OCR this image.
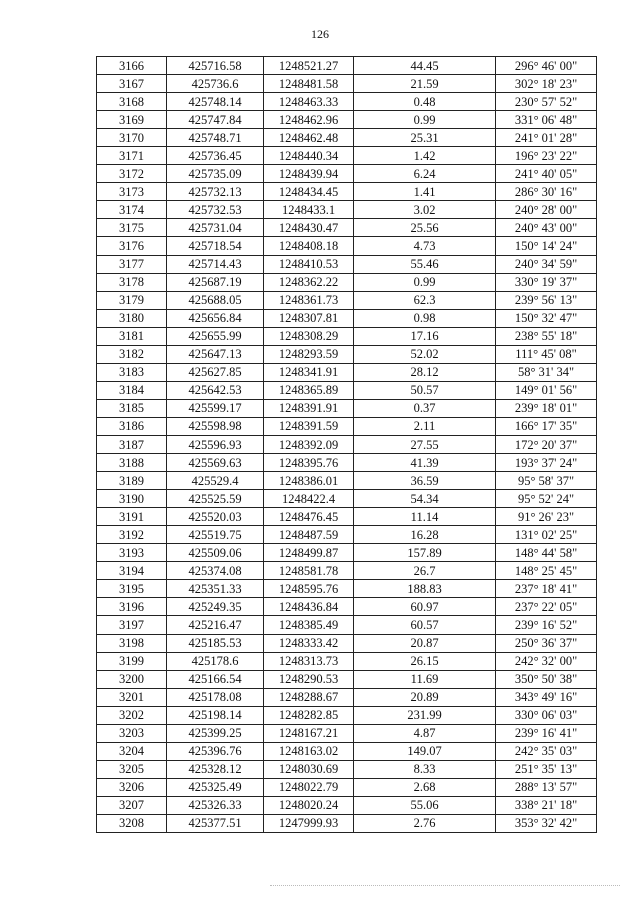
126
3166	425716.58	1248521.27	44.45	296° 46' 00"
3167	425736.6	1248481.58	21.59	302° 18' 23"
3168	425748.14	1248463.33	0.48	230° 57' 52"
3169	425747.84	1248462.96	0.99	331° 06' 48"
3170	425748.71	1248462.48	25.31	241° 01' 28"
3171	425736.45	1248440.34	1.42	196° 23' 22"
3172	425735.09	1248439.94	6.24	241° 40' 05"
3173	425732.13	1248434.45	1.41	286° 30' 16"
3174	425732.53	1248433.1	3.02	240° 28' 00"
3175	425731.04	1248430.47	25.56	240° 43' 00"
3176	425718.54	1248408.18	4.73	150° 14' 24"
3177	425714.43	1248410.53	55.46	240° 34' 59"
3178	425687.19	1248362.22	0.99	330° 19' 37"
3179	425688.05	1248361.73	62.3	239° 56' 13"
3180	425656.84	1248307.81	0.98	150° 32' 47"
3181	425655.99	1248308.29	17.16	238° 55' 18"
3182	425647.13	1248293.59	52.02	111° 45' 08"
3183	425627.85	1248341.91	28.12	58° 31' 34"
3184	425642.53	1248365.89	50.57	149° 01' 56"
3185	425599.17	1248391.91	0.37	239° 18' 01"
3186	425598.98	1248391.59	2.11	166° 17' 35"
3187	425596.93	1248392.09	27.55	172° 20' 37"
3188	425569.63	1248395.76	41.39	193° 37' 24"
3189	425529.4	1248386.01	36.59	95° 58' 37"
3190	425525.59	1248422.4	54.34	95° 52' 24"
3191	425520.03	1248476.45	11.14	91° 26' 23"
3192	425519.75	1248487.59	16.28	131° 02' 25"
3193	425509.06	1248499.87	157.89	148° 44' 58"
3194	425374.08	1248581.78	26.7	148° 25' 45"
3195	425351.33	1248595.76	188.83	237° 18' 41"
3196	425249.35	1248436.84	60.97	237° 22' 05"
3197	425216.47	1248385.49	60.57	239° 16' 52"
3198	425185.53	1248333.42	20.87	250° 36' 37"
3199	425178.6	1248313.73	26.15	242° 32' 00"
3200	425166.54	1248290.53	11.69	350° 50' 38"
3201	425178.08	1248288.67	20.89	343° 49' 16"
3202	425198.14	1248282.85	231.99	330° 06' 03"
3203	425399.25	1248167.21	4.87	239° 16' 41"
3204	425396.76	1248163.02	149.07	242° 35' 03"
3205	425328.12	1248030.69	8.33	251° 35' 13"
3206	425325.49	1248022.79	2.68	288° 13' 57"
3207	425326.33	1248020.24	55.06	338° 21' 18"
3208	425377.51	1247999.93	2.76	353° 32' 42"
